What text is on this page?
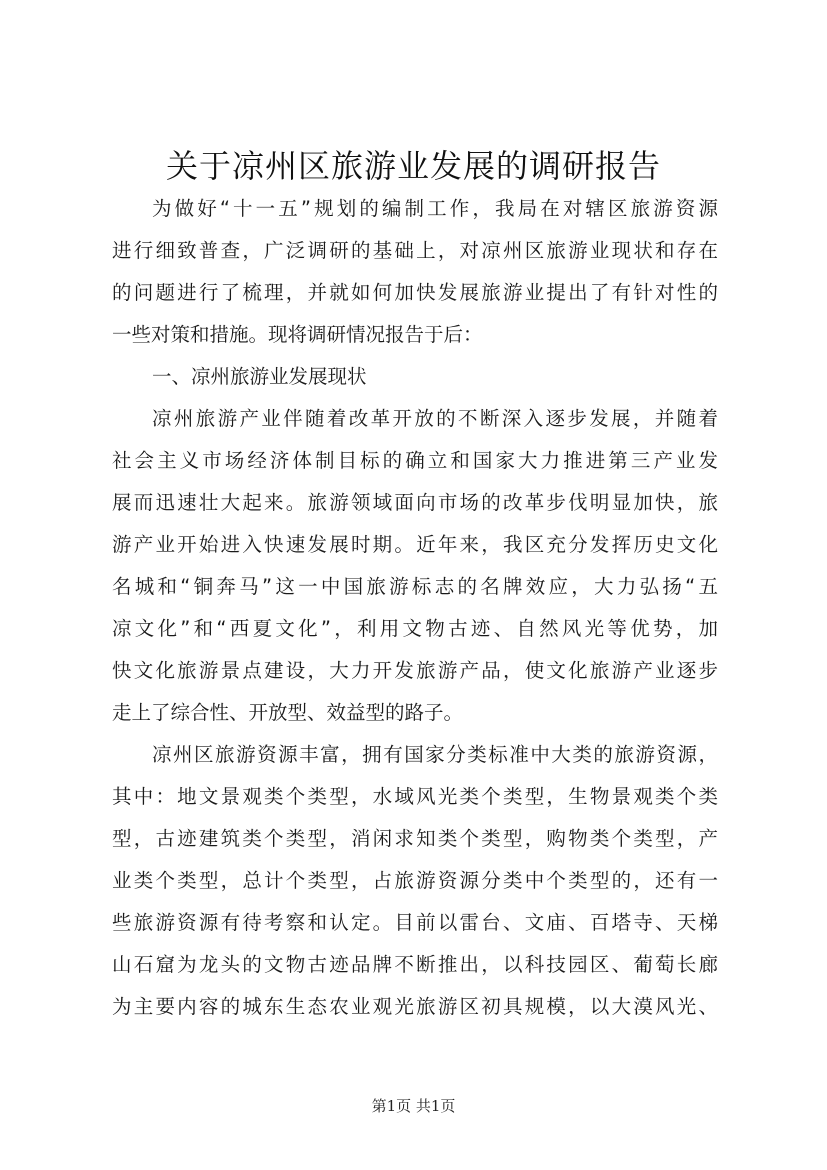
关于凉州区旅游业发展的调研报告
为做好“十一五”规划的编制工作，我局在对辖区旅游资源
进行细致普查，广泛调研的基础上，对凉州区旅游业现状和存在
的问题进行了梳理，并就如何加快发展旅游业提出了有针对性的
一些对策和措施。现将调研情况报告于后：
一、凉州旅游业发展现状
凉州旅游产业伴随着改革开放的不断深入逐步发展，并随着
社会主义市场经济体制目标的确立和国家大力推进第三产业发
展而迅速壮大起来。旅游领域面向市场的改革步伐明显加快，旅
游产业开始进入快速发展时期。近年来，我区充分发挥历史文化
名城和“铜奔马”这一中国旅游标志的名牌效应，大力弘扬“五
凉文化”和“西夏文化”，利用文物古迹、自然风光等优势，加
快文化旅游景点建设，大力开发旅游产品，使文化旅游产业逐步
走上了综合性、开放型、效益型的路子。
凉州区旅游资源丰富，拥有国家分类标准中大类的旅游资源，
其中：地文景观类个类型，水域风光类个类型，生物景观类个类
型，古迹建筑类个类型，消闲求知类个类型，购物类个类型，产
业类个类型，总计个类型，占旅游资源分类中个类型的，还有一
些旅游资源有待考察和认定。目前以雷台、文庙、百塔寺、天梯
山石窟为龙头的文物古迹品牌不断推出，以科技园区、葡萄长廊
为主要内容的城东生态农业观光旅游区初具规模，以大漠风光、
第1页 共1页
